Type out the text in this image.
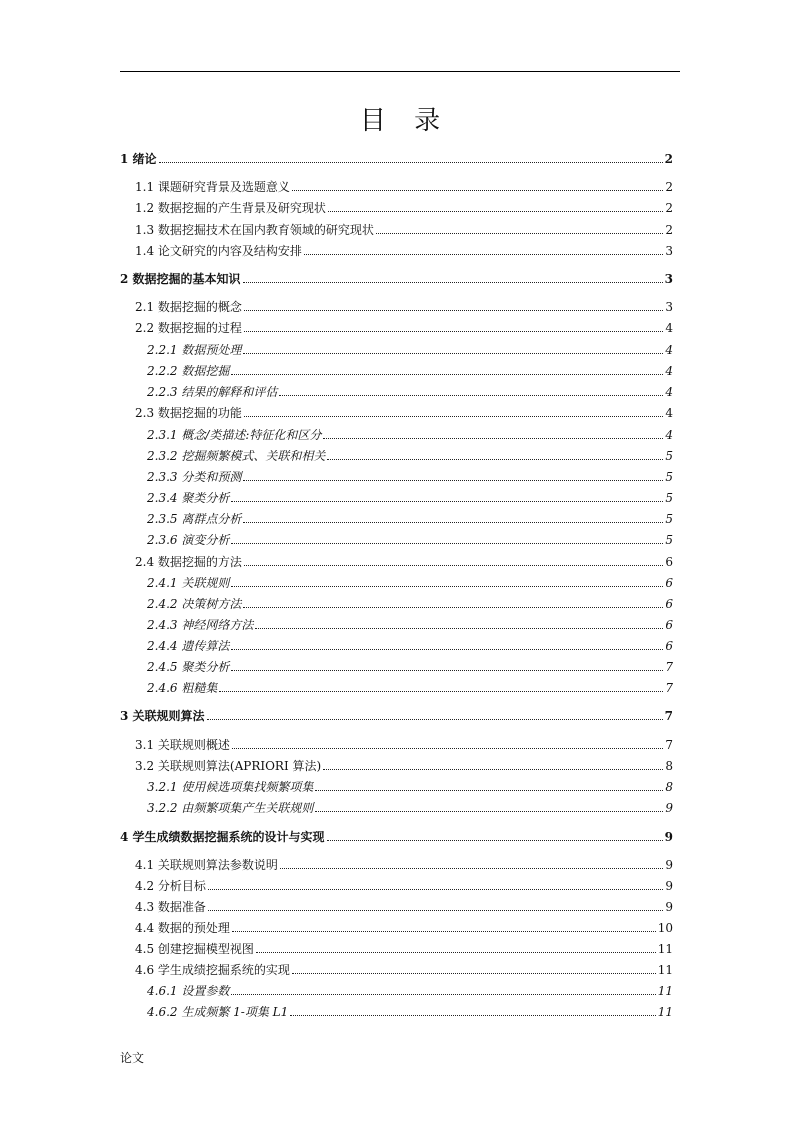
目 录
1 绪论	2
1.1 课题研究背景及选题意义	2
1.2 数据挖掘的产生背景及研究现状	2
1.3 数据挖掘技术在国内教育领域的研究现状	2
1.4 论文研究的内容及结构安排	3
2 数据挖掘的基本知识	3
2.1 数据挖掘的概念	3
2.2 数据挖掘的过程	4
2.2.1 数据预处理	4
2.2.2 数据挖掘	4
2.2.3 结果的解释和评估	4
2.3 数据挖掘的功能	4
2.3.1 概念/类描述:特征化和区分	4
2.3.2 挖掘频繁模式、关联和相关	5
2.3.3 分类和预测	5
2.3.4 聚类分析	5
2.3.5 离群点分析	5
2.3.6 演变分析	5
2.4 数据挖掘的方法	6
2.4.1 关联规则	6
2.4.2 决策树方法	6
2.4.3 神经网络方法	6
2.4.4 遗传算法	6
2.4.5 聚类分析	7
2.4.6 粗糙集	7
3 关联规则算法	7
3.1 关联规则概述	7
3.2 关联规则算法(APRIORI 算法)	8
3.2.1 使用候选项集找频繁项集	8
3.2.2 由频繁项集产生关联规则	9
4 学生成绩数据挖掘系统的设计与实现	9
4.1 关联规则算法参数说明	9
4.2 分析目标	9
4.3 数据准备	9
4.4 数据的预处理	10
4.5 创建挖掘模型视图	11
4.6 学生成绩挖掘系统的实现	11
4.6.1 设置参数	11
4.6.2 生成频繁 1-项集 L1	11
论文
